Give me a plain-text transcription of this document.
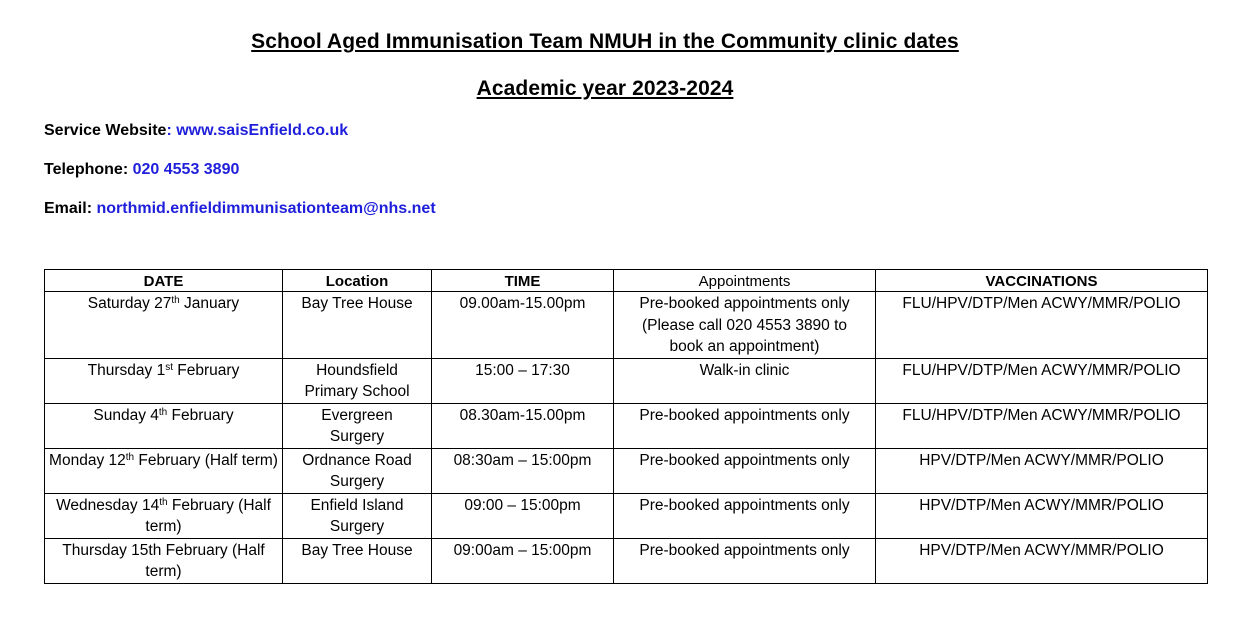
School Aged Immunisation Team NMUH in the Community clinic dates
Academic year 2023-2024
Service Website: www.saisEnfield.co.uk
Telephone: 020 4553 3890
Email: northmid.enfieldimmunisationteam@nhs.net
DATE	Location	TIME	Appointments	VACCINATIONS
Saturday 27th January	Bay Tree House	09.00am-15.00pm	Pre-booked appointments only (Please call 020 4553 3890 to book an appointment)	FLU/HPV/DTP/Men ACWY/MMR/POLIO
Thursday 1st February	Houndsfield Primary School	15:00 – 17:30	Walk-in clinic	FLU/HPV/DTP/Men ACWY/MMR/POLIO
Sunday 4th February	Evergreen Surgery	08.30am-15.00pm	Pre-booked appointments only	FLU/HPV/DTP/Men ACWY/MMR/POLIO
Monday 12th February (Half term)	Ordnance Road Surgery	08:30am – 15:00pm	Pre-booked appointments only	HPV/DTP/Men ACWY/MMR/POLIO
Wednesday 14th February (Half term)	Enfield Island Surgery	09:00 – 15:00pm	Pre-booked appointments only	HPV/DTP/Men ACWY/MMR/POLIO
Thursday 15th February (Half term)	Bay Tree House	09:00am – 15:00pm	Pre-booked appointments only	HPV/DTP/Men ACWY/MMR/POLIO
